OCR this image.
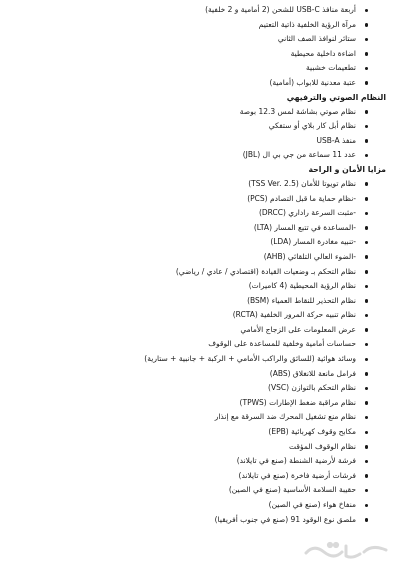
أربعة منافذ USB-C للشحن (2 أمامية و 2 خلفية)
مرآة الرؤية الخلفية ذاتية التعتيم
ستائر لنوافذ الصف الثاني
اضاءة داخلية محيطية
تطعيمات خشبية
عتبة معدنية للابواب (أمامية)
النظام الصوتي والترفيهي
نظام صوتي بشاشة لمس 12.3 بوصة
نظام أبل كار بلاي أو ستفكي
منفذ USB-A
عدد 11 سماعة من جي بي ال (JBL)
مزايا الأمان و الراحة
نظام تويوتا للأمان (TSS Ver. 2.5)
-نظام حماية ما قبل التصادم (PCS)
-مثبت السرعة راداري (DRCC)
-المساعدة في تتبع المسار (LTA)
-تنبيه مغادرة المسار (LDA)
-الضوء العالي التلقائي (AHB)
نظام التحكم بـ وضعيات القيادة (اقتصادي / عادي / رياضي)
نظام الرؤية المحيطية (4 كاميرات)
نظام التحذير للنقاط العمياء (BSM)
نظام تنبيه حركة المرور الخلفية (RCTA)
عرض المعلومات على الزجاج الأمامي
حساسات أمامية وخلفية للمساعدة على الوقوف
وسائد هوائية (للسائق والراكب الأمامي + الركبة + جانبية + ستارية)
فرامل مانعة للانغلاق (ABS)
نظام التحكم بالتوازن (VSC)
نظام مراقبة ضغط الإطارات (TPWS)
نظام منع تشغيل المحرك ضد السرقة مع إنذار
مكابح وقوف كهربائية (EPB)
نظام الوقوف المؤقت
فرشة لأرضية الشنطة (صنع في تايلاند)
فرشات أرضية فاخرة (صنع في تايلاند)
حقيبة السلامة الأساسية (صنع في الصين)
منفاخ هواء (صنع في الصين)
ملصق نوع الوقود 91 (صنع في جنوب أفريقيا)
